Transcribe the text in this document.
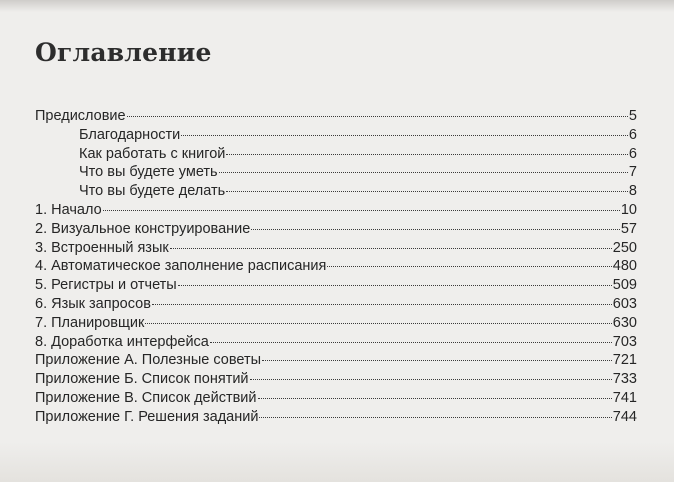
Оглавление
Предисловие	5
Благодарности	6
Как работать с книгой	6
Что вы будете уметь	7
Что вы будете делать	8
1. Начало	10
2. Визуальное конструирование	57
3. Встроенный язык	250
4. Автоматическое заполнение расписания	480
5. Регистры и отчеты	509
6. Язык запросов	603
7. Планировщик	630
8. Доработка интерфейса	703
Приложение А. Полезные советы	721
Приложение Б. Список понятий	733
Приложение В. Список действий	741
Приложение Г. Решения заданий	744
